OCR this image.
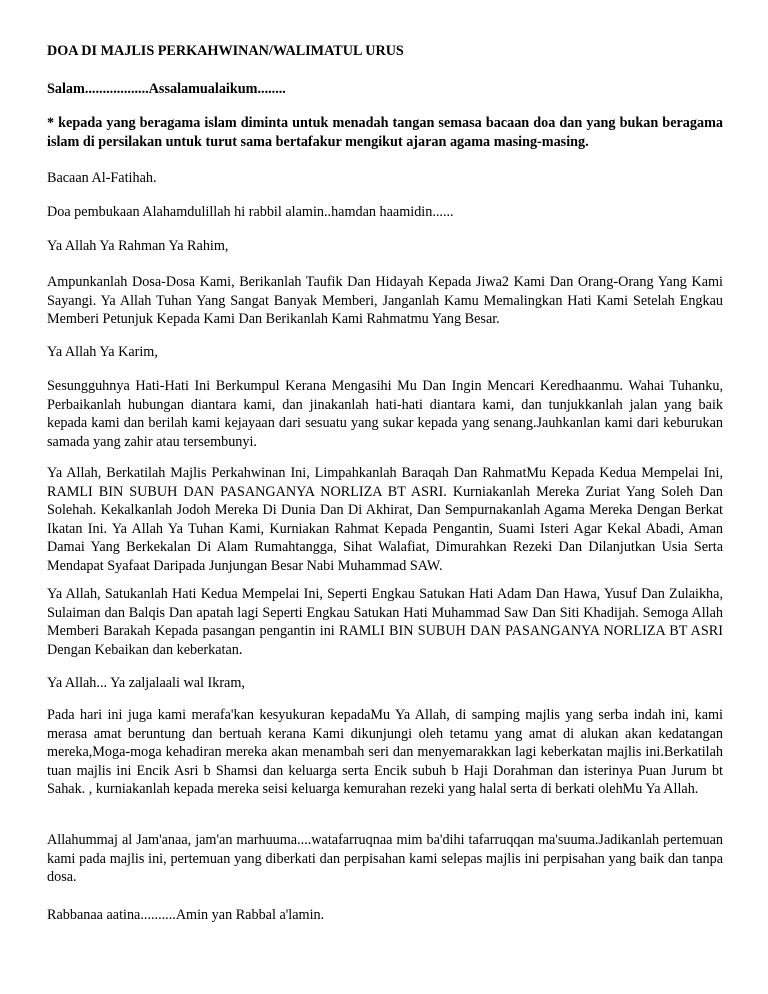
DOA DI MAJLIS PERKAHWINAN/WALIMATUL URUS

Salam..................Assalamualaikum........

* kepada yang beragama islam diminta untuk menadah tangan semasa bacaan doa dan yang bukan beragama islam di persilakan untuk turut sama bertafakur mengikut ajaran agama masing-masing.

Bacaan Al-Fatihah.

Doa pembukaan Alahamdulillah hi rabbil alamin..hamdan haamidin......

Ya Allah Ya Rahman Ya Rahim,

Ampunkanlah Dosa-Dosa Kami, Berikanlah Taufik Dan Hidayah Kepada Jiwa2 Kami Dan Orang-Orang Yang Kami Sayangi. Ya Allah Tuhan Yang Sangat Banyak Memberi, Janganlah Kamu Memalingkan Hati Kami Setelah Engkau Memberi Petunjuk Kepada Kami Dan Berikanlah Kami Rahmatmu Yang Besar.

Ya Allah Ya Karim,

Sesungguhnya Hati-Hati Ini Berkumpul Kerana Mengasihi Mu Dan Ingin Mencari Keredhaanmu. Wahai Tuhanku, Perbaikanlah hubungan diantara kami, dan jinakanlah hati-hati diantara kami, dan tunjukkanlah jalan yang baik kepada kami dan berilah kami kejayaan dari sesuatu yang sukar kepada yang senang.Jauhkanlan kami dari keburukan samada yang zahir atau tersembunyi.

Ya Allah, Berkatilah Majlis Perkahwinan Ini, Limpahkanlah Baraqah Dan RahmatMu Kepada Kedua Mempelai Ini, RAMLI BIN SUBUH DAN PASANGANYA NORLIZA BT ASRI. Kurniakanlah Mereka Zuriat Yang Soleh Dan Solehah. Kekalkanlah Jodoh Mereka Di Dunia Dan Di Akhirat, Dan Sempurnakanlah Agama Mereka Dengan Berkat Ikatan Ini. Ya Allah Ya Tuhan Kami, Kurniakan Rahmat Kepada Pengantin, Suami Isteri Agar Kekal Abadi, Aman Damai Yang Berkekalan Di Alam Rumahtangga, Sihat Walafiat, Dimurahkan Rezeki Dan Dilanjutkan Usia Serta Mendapat Syafaat Daripada Junjungan Besar Nabi Muhammad SAW.

Ya Allah, Satukanlah Hati Kedua Mempelai Ini, Seperti Engkau Satukan Hati Adam Dan Hawa, Yusuf Dan Zulaikha, Sulaiman dan Balqis Dan apatah lagi Seperti Engkau Satukan Hati Muhammad Saw Dan Siti Khadijah. Semoga Allah Memberi Barakah Kepada pasangan pengantin ini RAMLI BIN SUBUH DAN PASANGANYA NORLIZA BT ASRI Dengan Kebaikan dan keberkatan.

Ya Allah... Ya zaljalaali wal Ikram,

Pada hari ini juga kami merafa'kan kesyukuran kepadaMu Ya Allah, di samping majlis yang serba indah ini, kami merasa amat beruntung dan bertuah kerana Kami dikunjungi oleh tetamu yang amat di alukan akan kedatangan mereka,Moga-moga kehadiran mereka akan menambah seri dan menyemarakkan lagi keberkatan majlis ini.Berkatilah tuan majlis ini Encik Asri b Shamsi dan keluarga serta Encik subuh b Haji Dorahman dan isterinya Puan Jurum bt Sahak. , kurniakanlah kepada mereka seisi keluarga kemurahan rezeki yang halal serta di berkati olehMu Ya Allah.

Allahummaj al Jam'anaa, jam'an marhuuma....watafarruqnaa mim ba'dihi tafarruqqan ma'suuma.Jadikanlah pertemuan kami pada majlis ini, pertemuan yang diberkati dan perpisahan kami selepas majlis ini perpisahan yang baik dan tanpa dosa.

Rabbanaa aatina..........Amin yan Rabbal a'lamin.
